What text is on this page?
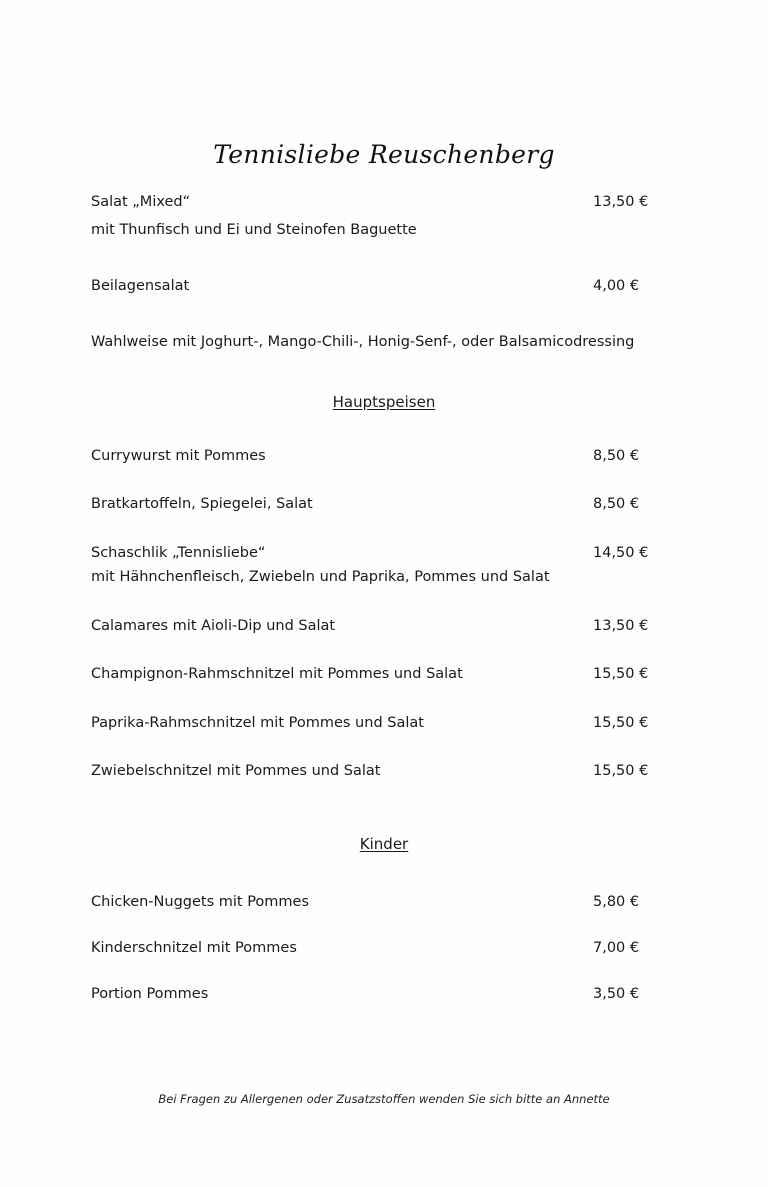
Tennisliebe Reuschenberg
Salat „Mixed“	13,50 €
mit Thunfisch und Ei und Steinofen Baguette
Beilagensalat	4,00 €
Wahlweise mit Joghurt-, Mango-Chili-, Honig-Senf-, oder Balsamicodressing
Hauptspeisen
Currywurst mit Pommes	8,50 €
Bratkartoffeln, Spiegelei, Salat	8,50 €
Schaschlik „Tennisliebe“	14,50 €
mit Hähnchenfleisch, Zwiebeln und Paprika, Pommes und Salat
Calamares mit Aioli-Dip und Salat	13,50 €
Champignon-Rahmschnitzel mit Pommes und Salat	15,50 €
Paprika-Rahmschnitzel mit Pommes und Salat	15,50 €
Zwiebelschnitzel mit Pommes und Salat	15,50 €
Kinder
Chicken-Nuggets mit Pommes	5,80 €
Kinderschnitzel mit Pommes	7,00 €
Portion Pommes	3,50 €
Bei Fragen zu Allergenen oder Zusatzstoffen wenden Sie sich bitte an Annette
